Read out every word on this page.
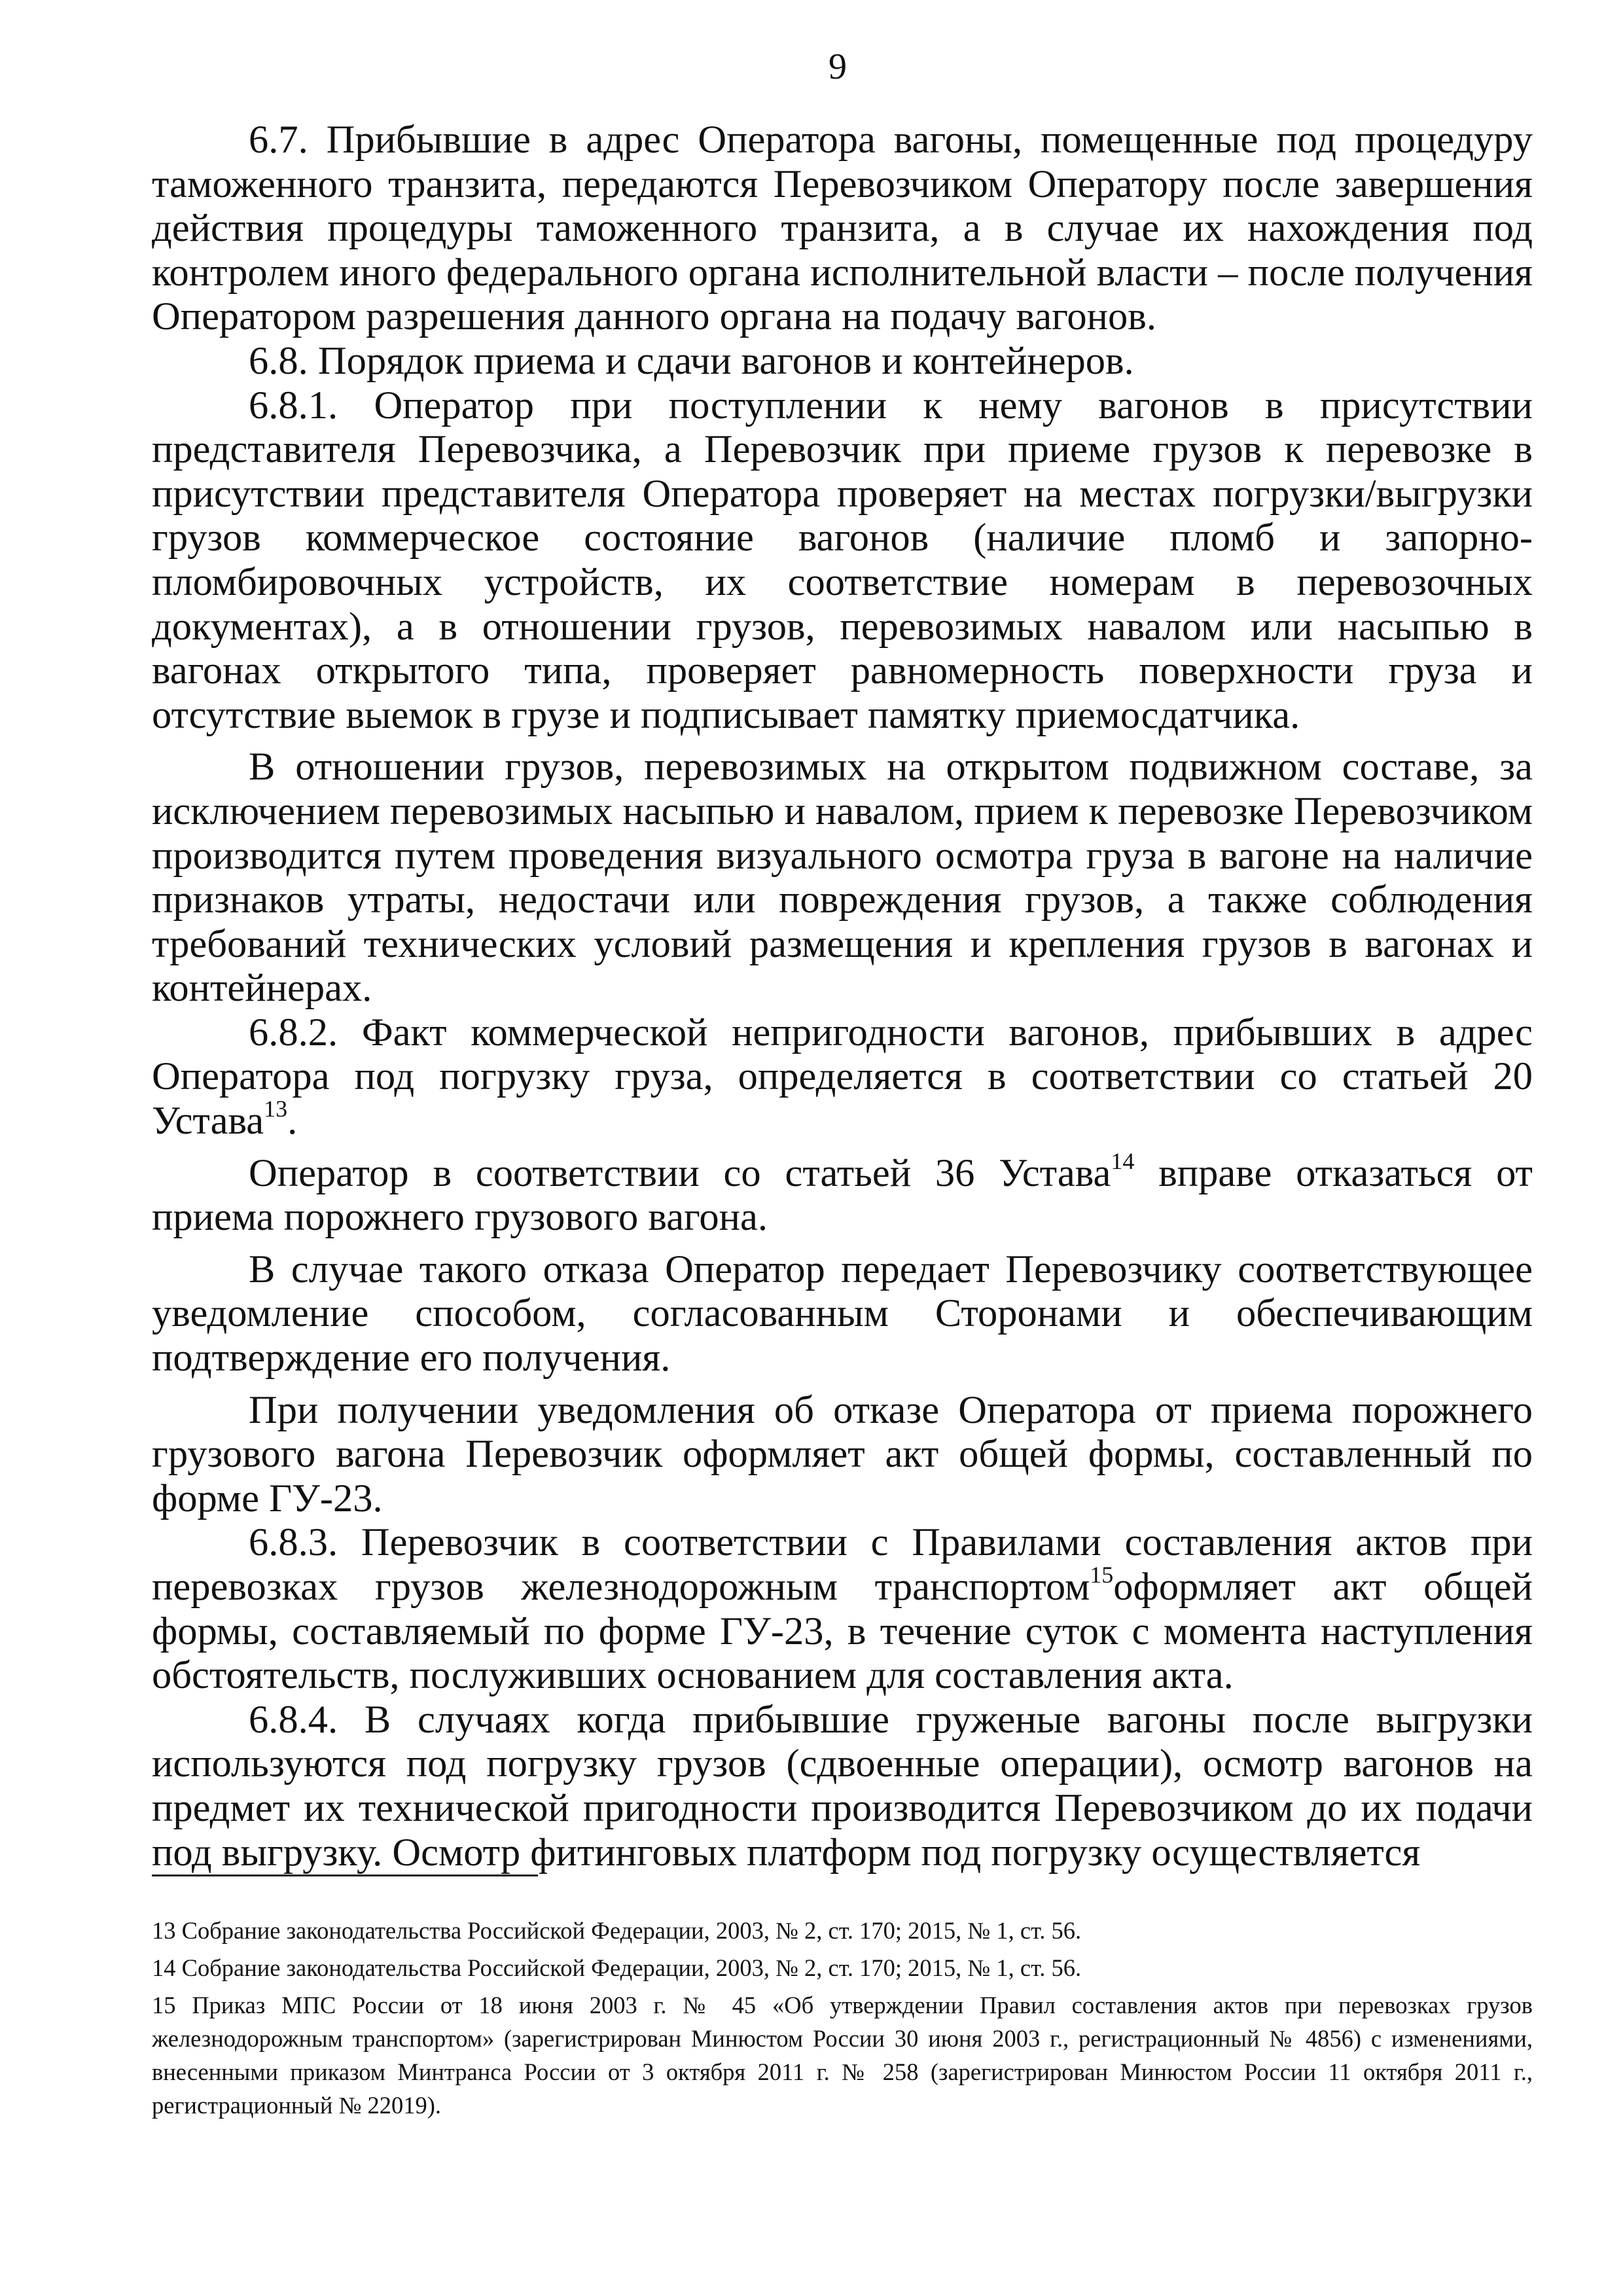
9

6.7. Прибывшие в адрес Оператора вагоны, помещенные под процедуру таможенного транзита, передаются Перевозчиком Оператору после завершения действия процедуры таможенного транзита, а в случае их нахождения под контролем иного федерального органа исполнительной власти – после получения Оператором разрешения данного органа на подачу вагонов.

6.8. Порядок приема и сдачи вагонов и контейнеров.

6.8.1. Оператор при поступлении к нему вагонов в присутствии представителя Перевозчика, а Перевозчик при приеме грузов к перевозке в присутствии представителя Оператора проверяет на местах погрузки/выгрузки грузов коммерческое состояние вагонов (наличие пломб и запорно-пломбировочных устройств, их соответствие номерам в перевозочных документах), а в отношении грузов, перевозимых навалом или насыпью в вагонах открытого типа, проверяет равномерность поверхности груза и отсутствие выемок в грузе и подписывает памятку приемосдатчика.

В отношении грузов, перевозимых на открытом подвижном составе, за исключением перевозимых насыпью и навалом, прием к перевозке Перевозчиком производится путем проведения визуального осмотра груза в вагоне на наличие признаков утраты, недостачи или повреждения грузов, а также соблюдения требований технических условий размещения и крепления грузов в вагонах и контейнерах.

6.8.2. Факт коммерческой непригодности вагонов, прибывших в адрес Оператора под погрузку груза, определяется в соответствии со статьей 20 Устава$^{13}$.

Оператор в соответствии со статьей 36 Устава$^{14}$ вправе отказаться от приема порожнего грузового вагона.

В случае такого отказа Оператор передает Перевозчику соответствующее уведомление способом, согласованным Сторонами и обеспечивающим подтверждение его получения.

При получении уведомления об отказе Оператора от приема порожнего грузового вагона Перевозчик оформляет акт общей формы, составленный по форме ГУ-23.

6.8.3. Перевозчик в соответствии с Правилами составления актов при перевозках грузов железнодорожным транспортом$^{15}$оформляет акт общей формы, составляемый по форме ГУ-23, в течение суток с момента наступления обстоятельств, послуживших основанием для составления акта.

6.8.4. В случаях когда прибывшие груженые вагоны после выгрузки используются под погрузку грузов (сдвоенные операции), осмотр вагонов на предмет их технической пригодности производится Перевозчиком до их подачи под выгрузку. Осмотр фитинговых платформ под погрузку осуществляется

13 Собрание законодательства Российской Федерации, 2003, № 2, ст. 170; 2015, № 1, ст. 56.

14 Собрание законодательства Российской Федерации, 2003, № 2, ст. 170; 2015, № 1, ст. 56.

15 Приказ МПС России от 18 июня 2003 г. № 45 «Об утверждении Правил составления актов при перевозках грузов железнодорожным транспортом» (зарегистрирован Минюстом России 30 июня 2003 г., регистрационный № 4856) с изменениями, внесенными приказом Минтранса России от 3 октября 2011 г. № 258 (зарегистрирован Минюстом России 11 октября 2011 г., регистрационный № 22019).
